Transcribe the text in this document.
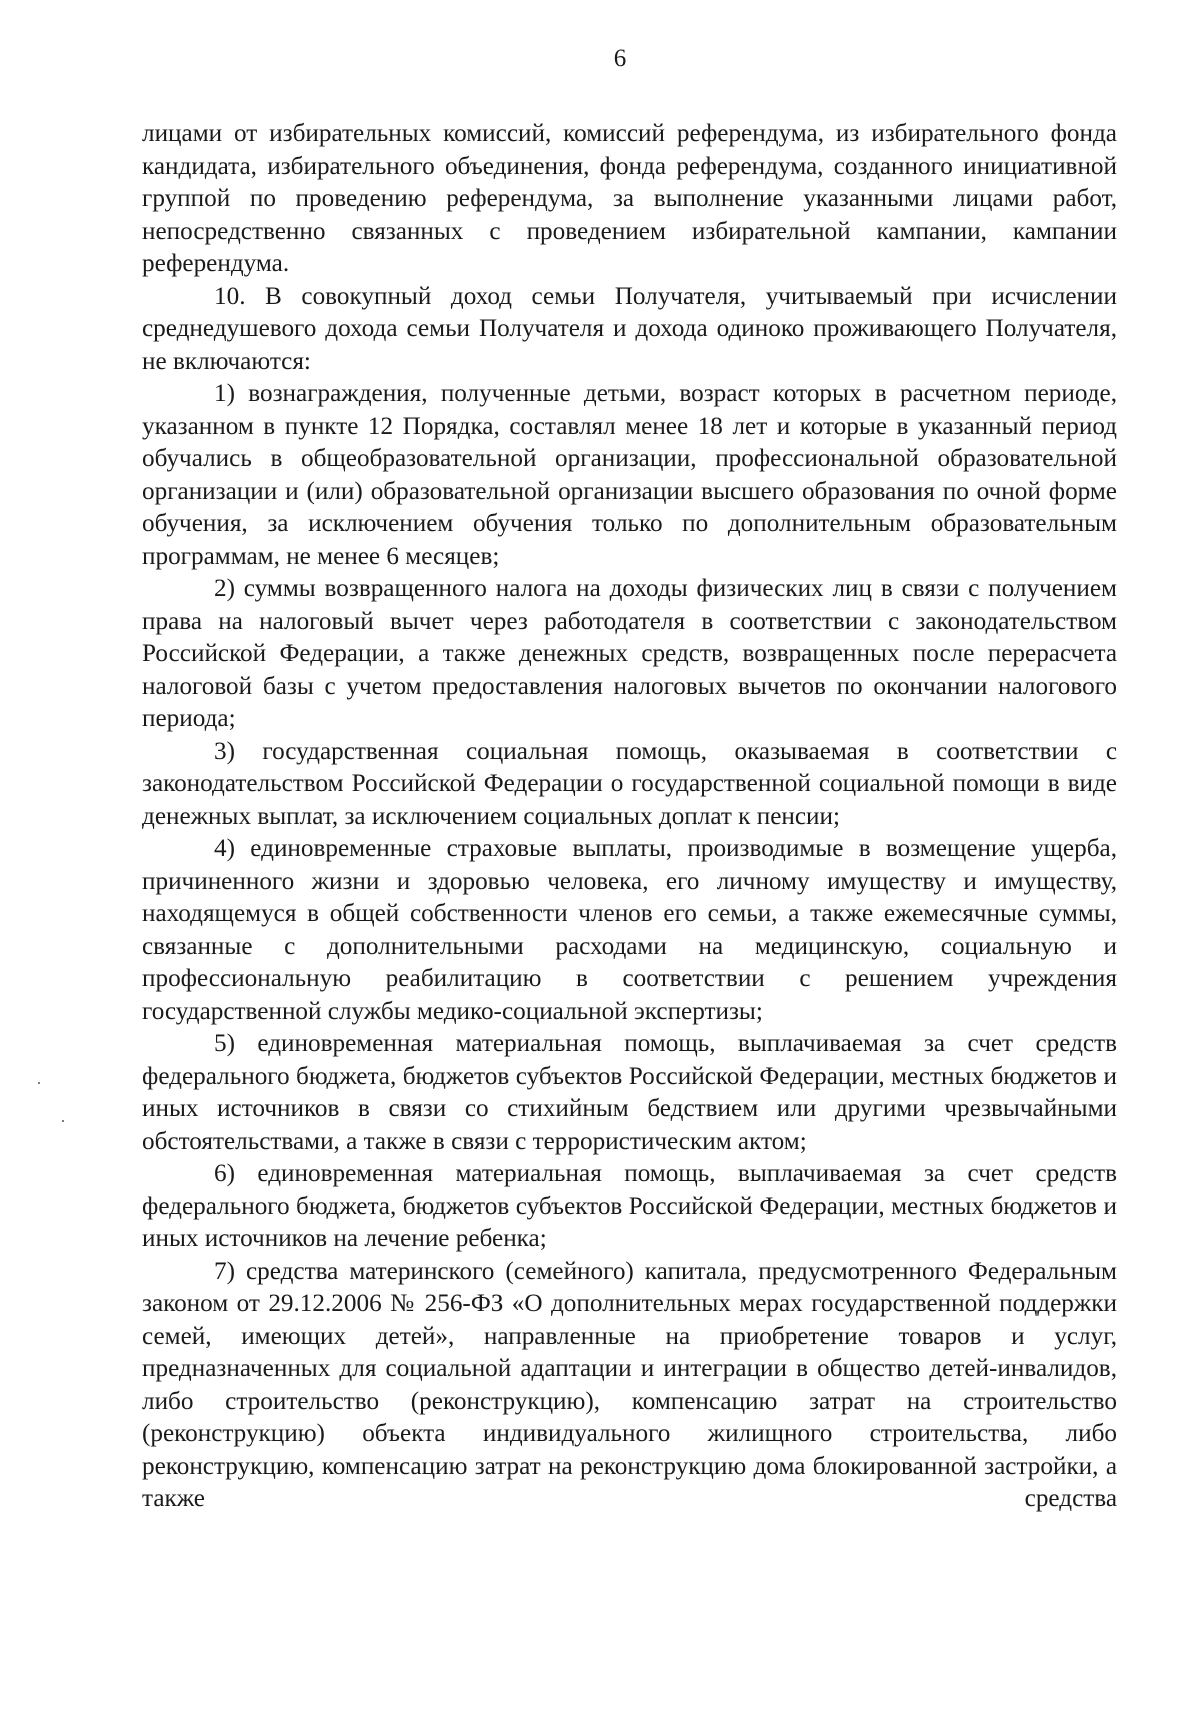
6

лицами от избирательных комиссий, комиссий референдума, из избирательного фонда кандидата, избирательного объединения, фонда референдума, созданного инициативной группой по проведению референдума, за выполнение указанными лицами работ, непосредственно связанных с проведением избирательной кампании, кампании референдума.

10. В совокупный доход семьи Получателя, учитываемый при исчислении среднедушевого дохода семьи Получателя и дохода одиноко проживающего Получателя, не включаются:

1) вознаграждения, полученные детьми, возраст которых в расчетном периоде, указанном в пункте 12 Порядка, составлял менее 18 лет и которые в указанный период обучались в общеобразовательной организации, профессиональной образовательной организации и (или) образовательной организации высшего образования по очной форме обучения, за исключением обучения только по дополнительным образовательным программам, не менее 6 месяцев;

2) суммы возвращенного налога на доходы физических лиц в связи с получением права на налоговый вычет через работодателя в соответствии с законодательством Российской Федерации, а также денежных средств, возвращенных после перерасчета налоговой базы с учетом предоставления налоговых вычетов по окончании налогового периода;

3) государственная социальная помощь, оказываемая в соответствии с законодательством Российской Федерации о государственной социальной помощи в виде денежных выплат, за исключением социальных доплат к пенсии;

4) единовременные страховые выплаты, производимые в возмещение ущерба, причиненного жизни и здоровью человека, его личному имуществу и имуществу, находящемуся в общей собственности членов его семьи, а также ежемесячные суммы, связанные с дополнительными расходами на медицинскую, социальную и профессиональную реабилитацию в соответствии с решением учреждения государственной службы медико-социальной экспертизы;

5) единовременная материальная помощь, выплачиваемая за счет средств федерального бюджета, бюджетов субъектов Российской Федерации, местных бюджетов и иных источников в связи со стихийным бедствием или другими чрезвычайными обстоятельствами, а также в связи с террористическим актом;

6) единовременная материальная помощь, выплачиваемая за счет средств федерального бюджета, бюджетов субъектов Российской Федерации, местных бюджетов и иных источников на лечение ребенка;

7) средства материнского (семейного) капитала, предусмотренного Федеральным законом от 29.12.2006 № 256-ФЗ «О дополнительных мерах государственной поддержки семей, имеющих детей», направленные на приобретение товаров и услуг, предназначенных для социальной адаптации и интеграции в общество детей-инвалидов, либо строительство (реконструкцию), компенсацию затрат на строительство (реконструкцию) объекта индивидуального жилищного строительства, либо реконструкцию, компенсацию затрат на реконструкцию дома блокированной застройки, а также средства
